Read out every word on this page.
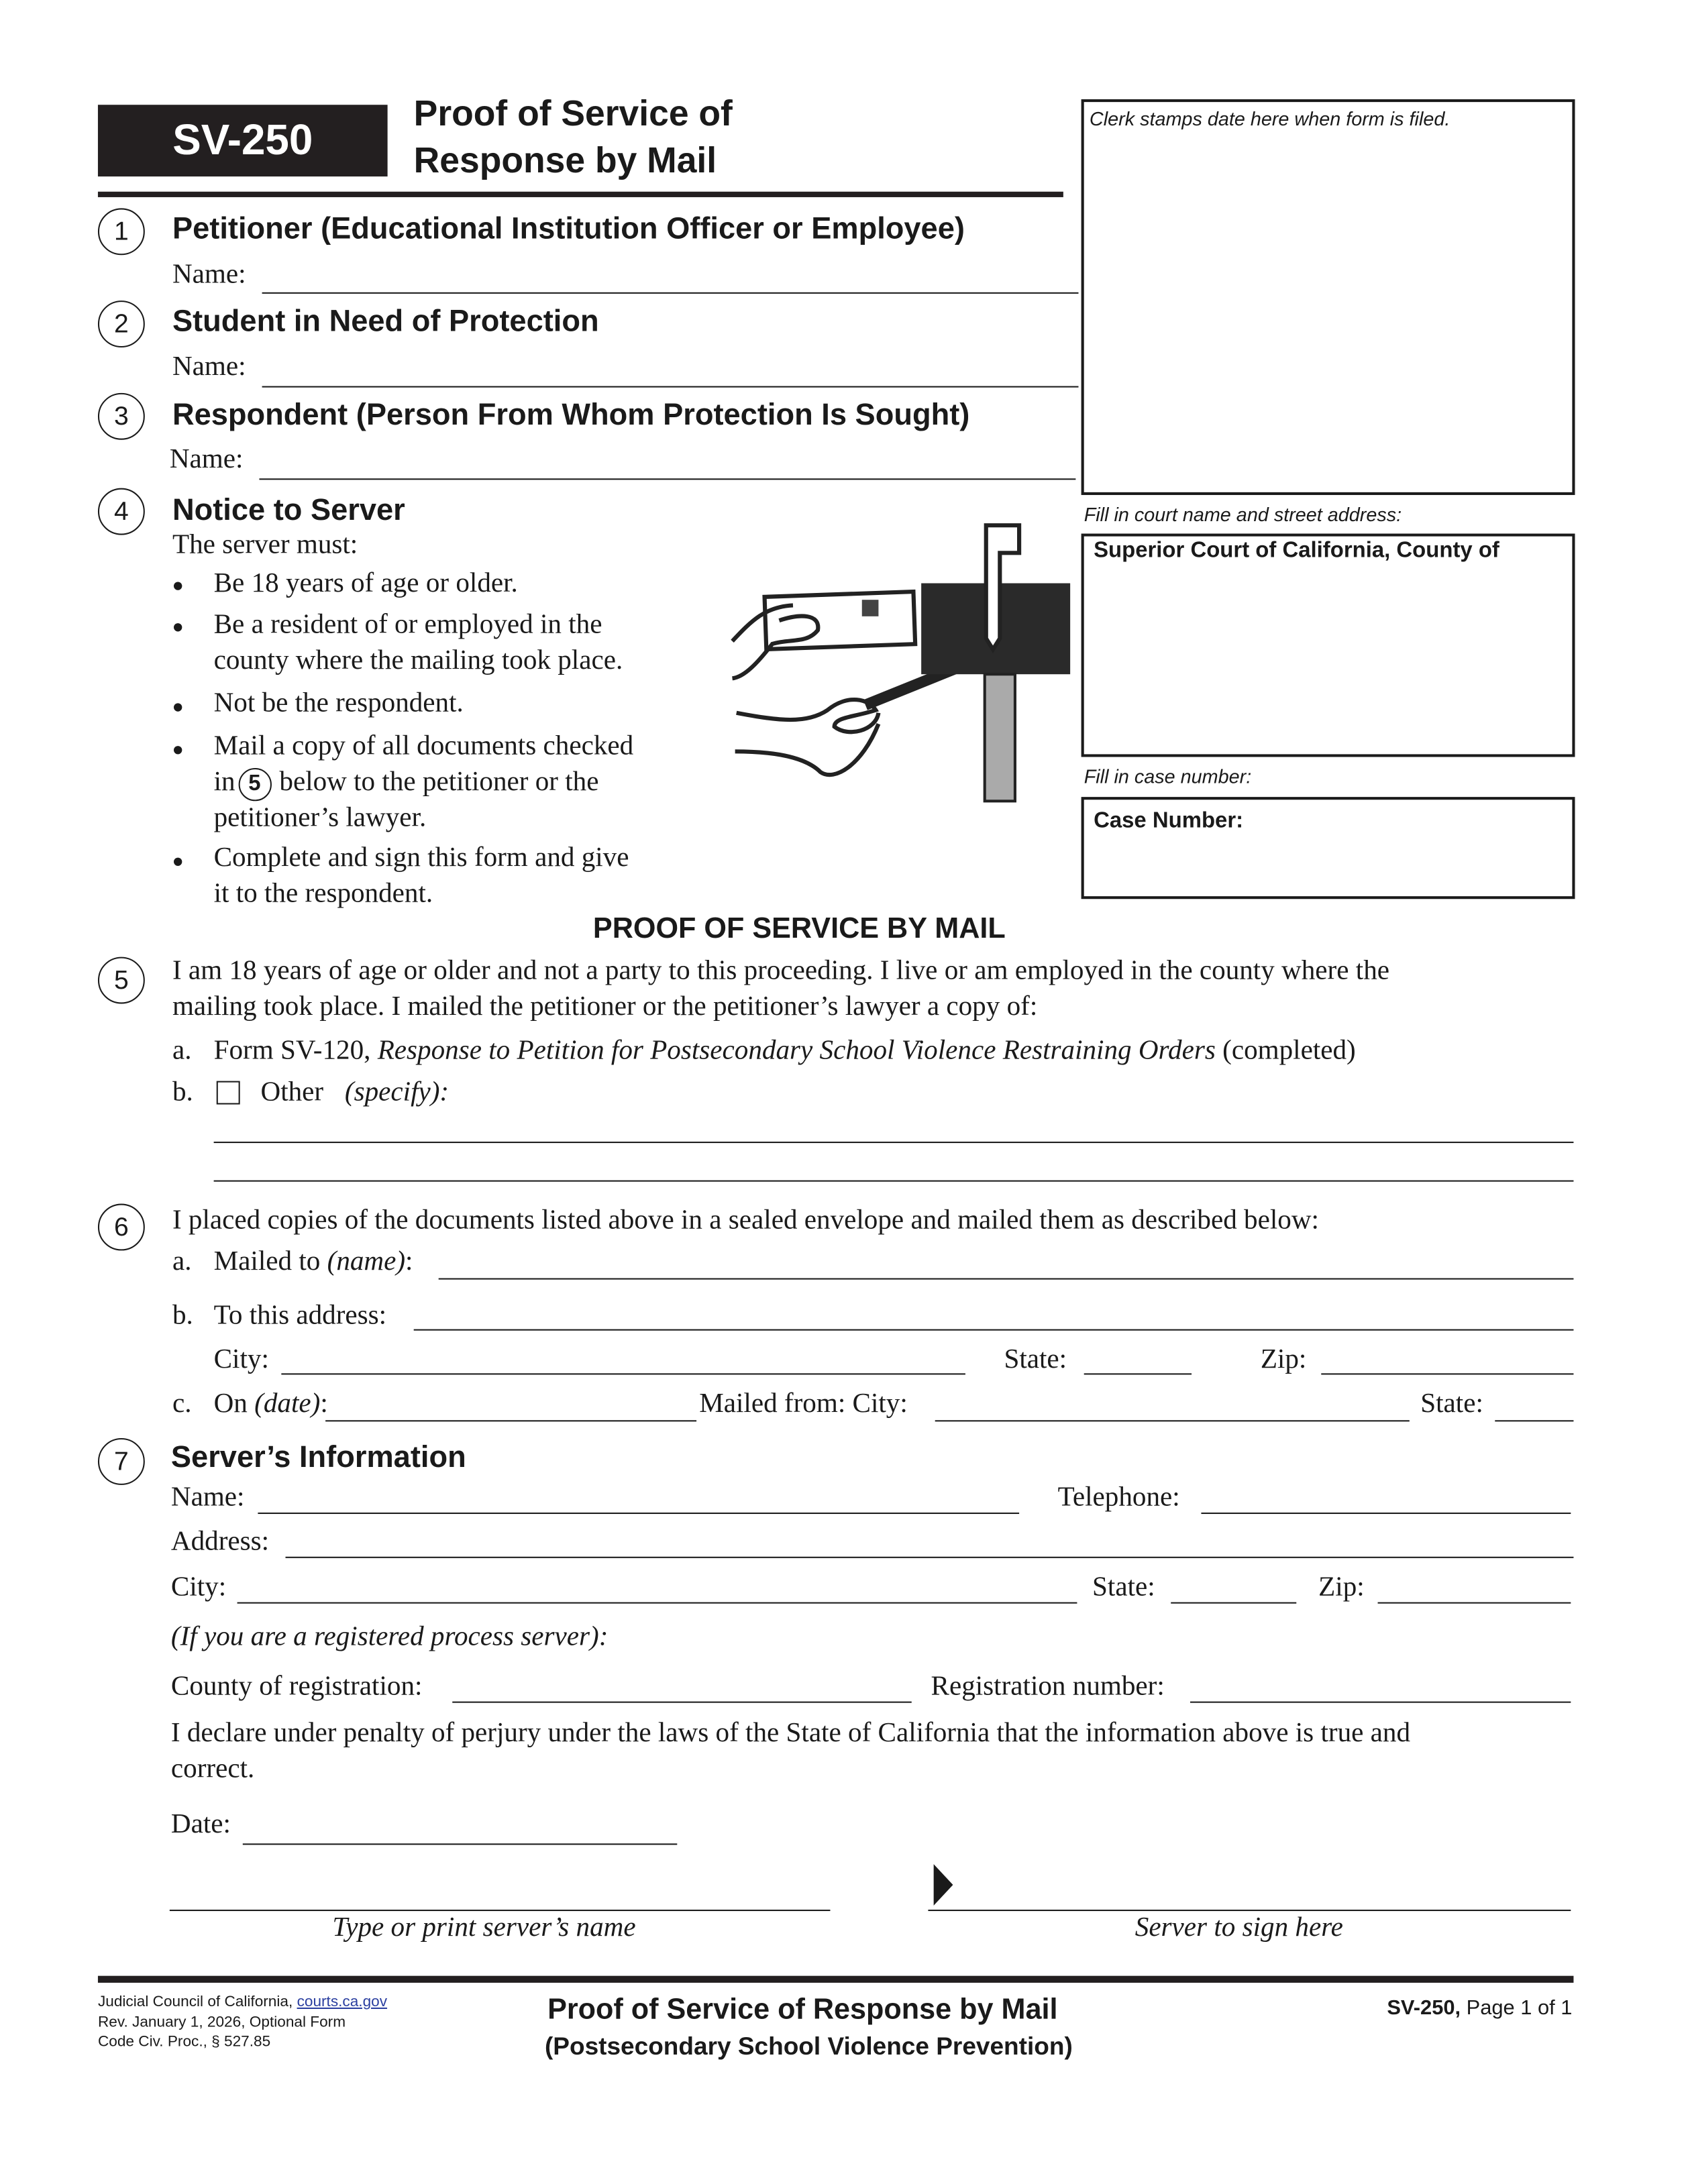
SV-250
Proof of Service of
Response by Mail
Clerk stamps date here when form is filed.
Fill in court name and street address:
Superior Court of California, County of
Fill in case number:
Case Number:
1	Petitioner (Educational Institution Officer or Employee)
Name:
2	Student in Need of Protection
Name:
3	Respondent (Person From Whom Protection Is Sought)
Name:
4	Notice to Server
The server must:
Be 18 years of age or older.
Be a resident of or employed in the
county where the mailing took place.
Not be the respondent.
Mail a copy of all documents checked
in 5 below to the petitioner or the
petitioner’s lawyer.
Complete and sign this form and give
it to the respondent.
PROOF OF SERVICE BY MAIL
5	I am 18 years of age or older and not a party to this proceeding. I live or am employed in the county where the
mailing took place. I mailed the petitioner or the petitioner’s lawyer a copy of:
a. Form SV-120, Response to Petition for Postsecondary School Violence Restraining Orders (completed)
b.	Other (specify):
6	I placed copies of the documents listed above in a sealed envelope and mailed them as described below:
a. Mailed to (name):
b. To this address:
City:	State:	Zip:
c. On (date):	Mailed from: City:	State:
7	Server’s Information
Name:	Telephone:
Address:
City:	State:	Zip:
(If you are a registered process server):
County of registration:	Registration number:
I declare under penalty of perjury under the laws of the State of California that the information above is true and
correct.
Date:
Type or print server’s name	Server to sign here
Judicial Council of California, courts.ca.gov
Rev. January 1, 2026, Optional Form
Code Civ. Proc., § 527.85
Proof of Service of Response by Mail
(Postsecondary School Violence Prevention)
SV-250, Page 1 of 1
